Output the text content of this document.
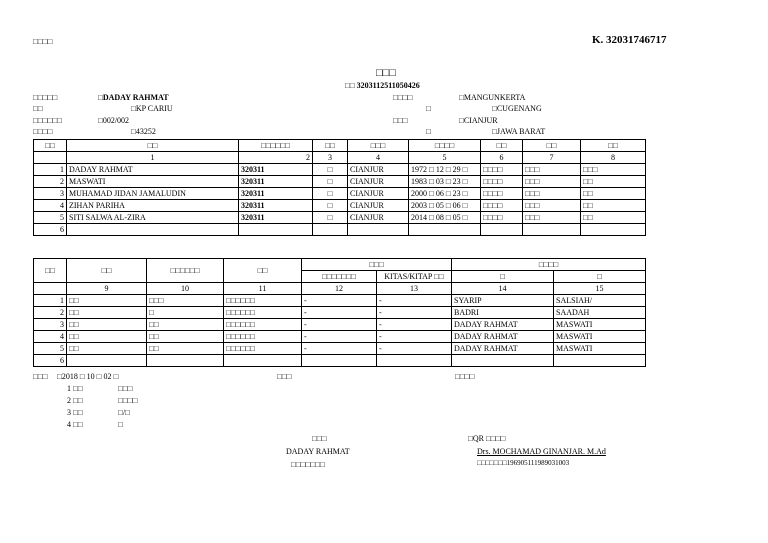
□□□□	K. 32031746717
□□□
□□ 3203112511050426
□□□□□	□DADAY RAHMAT
□□	□KP CARIU
□□□□□□	□002/002
□□□□	□43252
□□□□	□MANGUNKERTA
□	□CUGENANG
□□□	□CIANJUR
□	□JAWA BARAT
□□	□□	□□□□□□	□□	□□□	□□□□	□□	□□	□□
	1	2	3	4	5	6	7	8
1	DADAY RAHMAT	320311	□	CIANJUR	1972 □ 12 □ 29 □	□□□□	□□□	□□□
2	MASWATI	320311	□	CIANJUR	1983 □ 03 □ 23 □	□□□□	□□□	□□
3	MUHAMAD JIDAN JAMALUDIN	320311	□	CIANJUR	2000 □ 06 □ 23 □	□□□□	□□□	□□
4	ZIHAN PARIHA	320311	□	CIANJUR	2003 □ 05 □ 06 □	□□□□	□□□	□□
5	SITI SALWA AL-ZIRA	320311	□	CIANJUR	2014 □ 08 □ 05 □	□□□□	□□□	□□
6								
□□	□□	□□□□□□	□□	□□□		□□□□	
				□□□□□□□	KITAS/KITAP □□	□	□
	9	10	11	12	13	14	15
1	□□	□□□	□□□□□□	-	-	SYARIP	SALSIAH/
2	□□	□	□□□□□□	-	-	BADRI	SAADAH
3	□□	□□	□□□□□□	-	-	DADAY RAHMAT	MASWATI
4	□□	□□	□□□□□□	-	-	DADAY RAHMAT	MASWATI
5	□□	□□	□□□□□□	-	-	DADAY RAHMAT	MASWATI
6							
□□□ □2018 □ 10 □ 02 □
1 □□	□□□
2 □□	□□□□
3 □□	□/□
4 □□	□
□□□	□□□□
□□□
DADAY RAHMAT
□□□□□□□
□QR □□□□
Drs. MOCHAMAD GINANJAR. M.Ad
□□□□□□□1969051119890310​03
